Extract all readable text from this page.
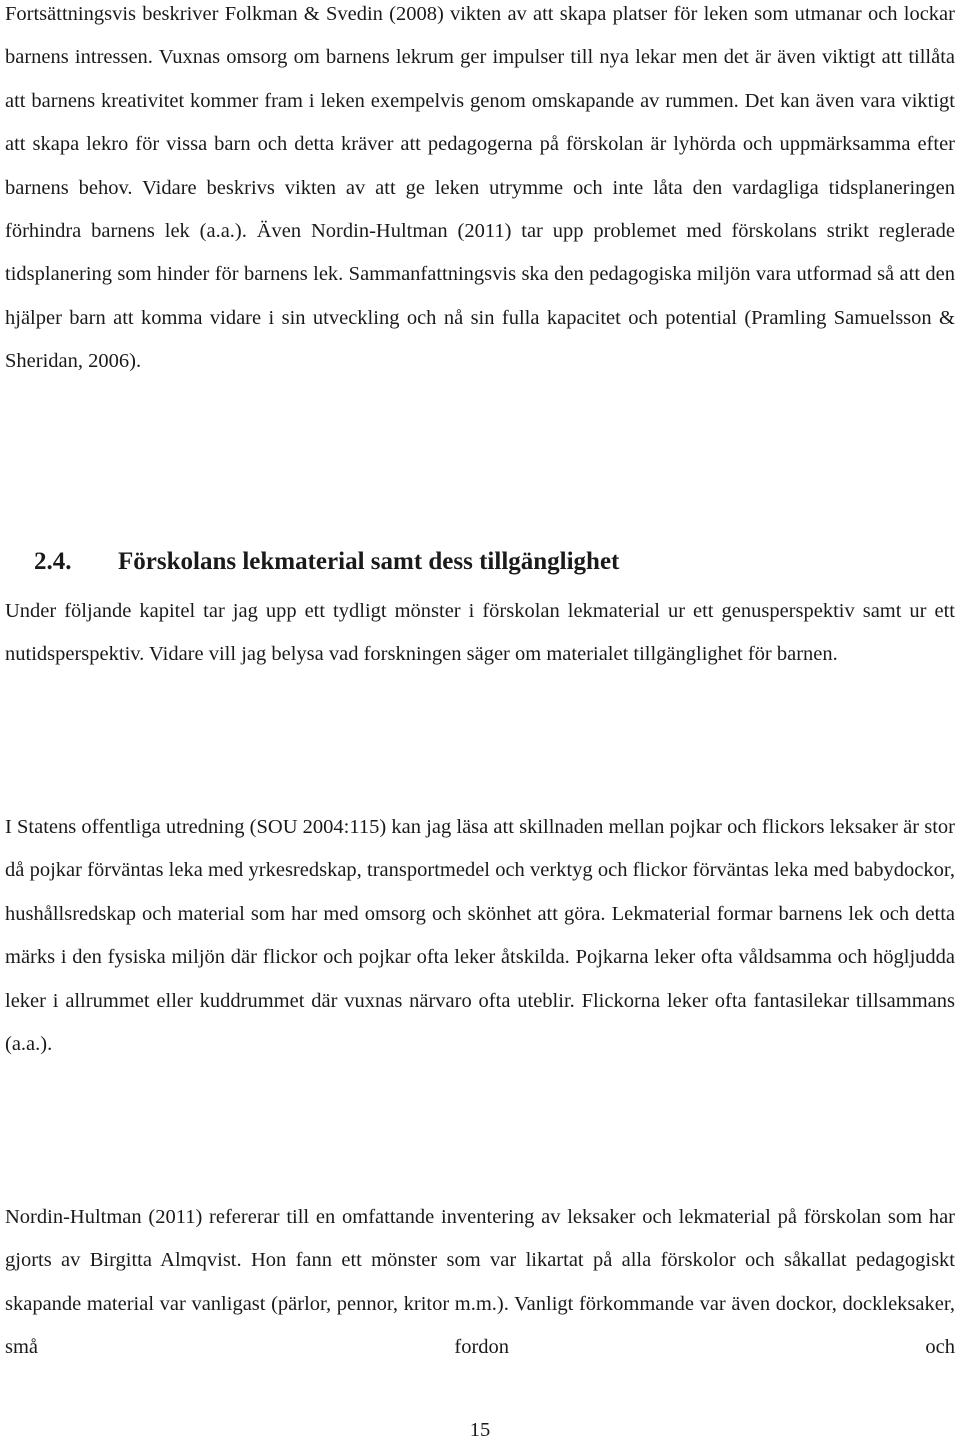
Fortsättningsvis beskriver Folkman & Svedin (2008) vikten av att skapa platser för leken som utmanar och lockar barnens intressen. Vuxnas omsorg om barnens lekrum ger impulser till nya lekar men det är även viktigt att tillåta att barnens kreativitet kommer fram i leken exempelvis genom omskapande av rummen. Det kan även vara viktigt att skapa lekro för vissa barn och detta kräver att pedagogerna på förskolan är lyhörda och uppmärksamma efter barnens behov. Vidare beskrivs vikten av att ge leken utrymme och inte låta den vardagliga tidsplaneringen förhindra barnens lek (a.a.). Även Nordin-Hultman (2011) tar upp problemet med förskolans strikt reglerade tidsplanering som hinder för barnens lek. Sammanfattningsvis ska den pedagogiska miljön vara utformad så att den hjälper barn att komma vidare i sin utveckling och nå sin fulla kapacitet och potential (Pramling Samuelsson & Sheridan, 2006).

2.4. Förskolans lekmaterial samt dess tillgänglighet

Under följande kapitel tar jag upp ett tydligt mönster i förskolan lekmaterial ur ett genusperspektiv samt ur ett nutidsperspektiv. Vidare vill jag belysa vad forskningen säger om materialet tillgänglighet för barnen.

I Statens offentliga utredning (SOU 2004:115) kan jag läsa att skillnaden mellan pojkar och flickors leksaker är stor då pojkar förväntas leka med yrkesredskap, transportmedel och verktyg och flickor förväntas leka med babydockor, hushållsredskap och material som har med omsorg och skönhet att göra. Lekmaterial formar barnens lek och detta märks i den fysiska miljön där flickor och pojkar ofta leker åtskilda. Pojkarna leker ofta våldsamma och högljudda leker i allrummet eller kuddrummet där vuxnas närvaro ofta uteblir. Flickorna leker ofta fantasilekar tillsammans (a.a.).

Nordin-Hultman (2011) refererar till en omfattande inventering av leksaker och lekmaterial på förskolan som har gjorts av Birgitta Almqvist. Hon fann ett mönster som var likartat på alla förskolor och såkallat pedagogiskt skapande material var vanligast (pärlor, pennor, kritor m.m.). Vanligt förkommande var även dockor, dockleksaker, små fordon och

15
